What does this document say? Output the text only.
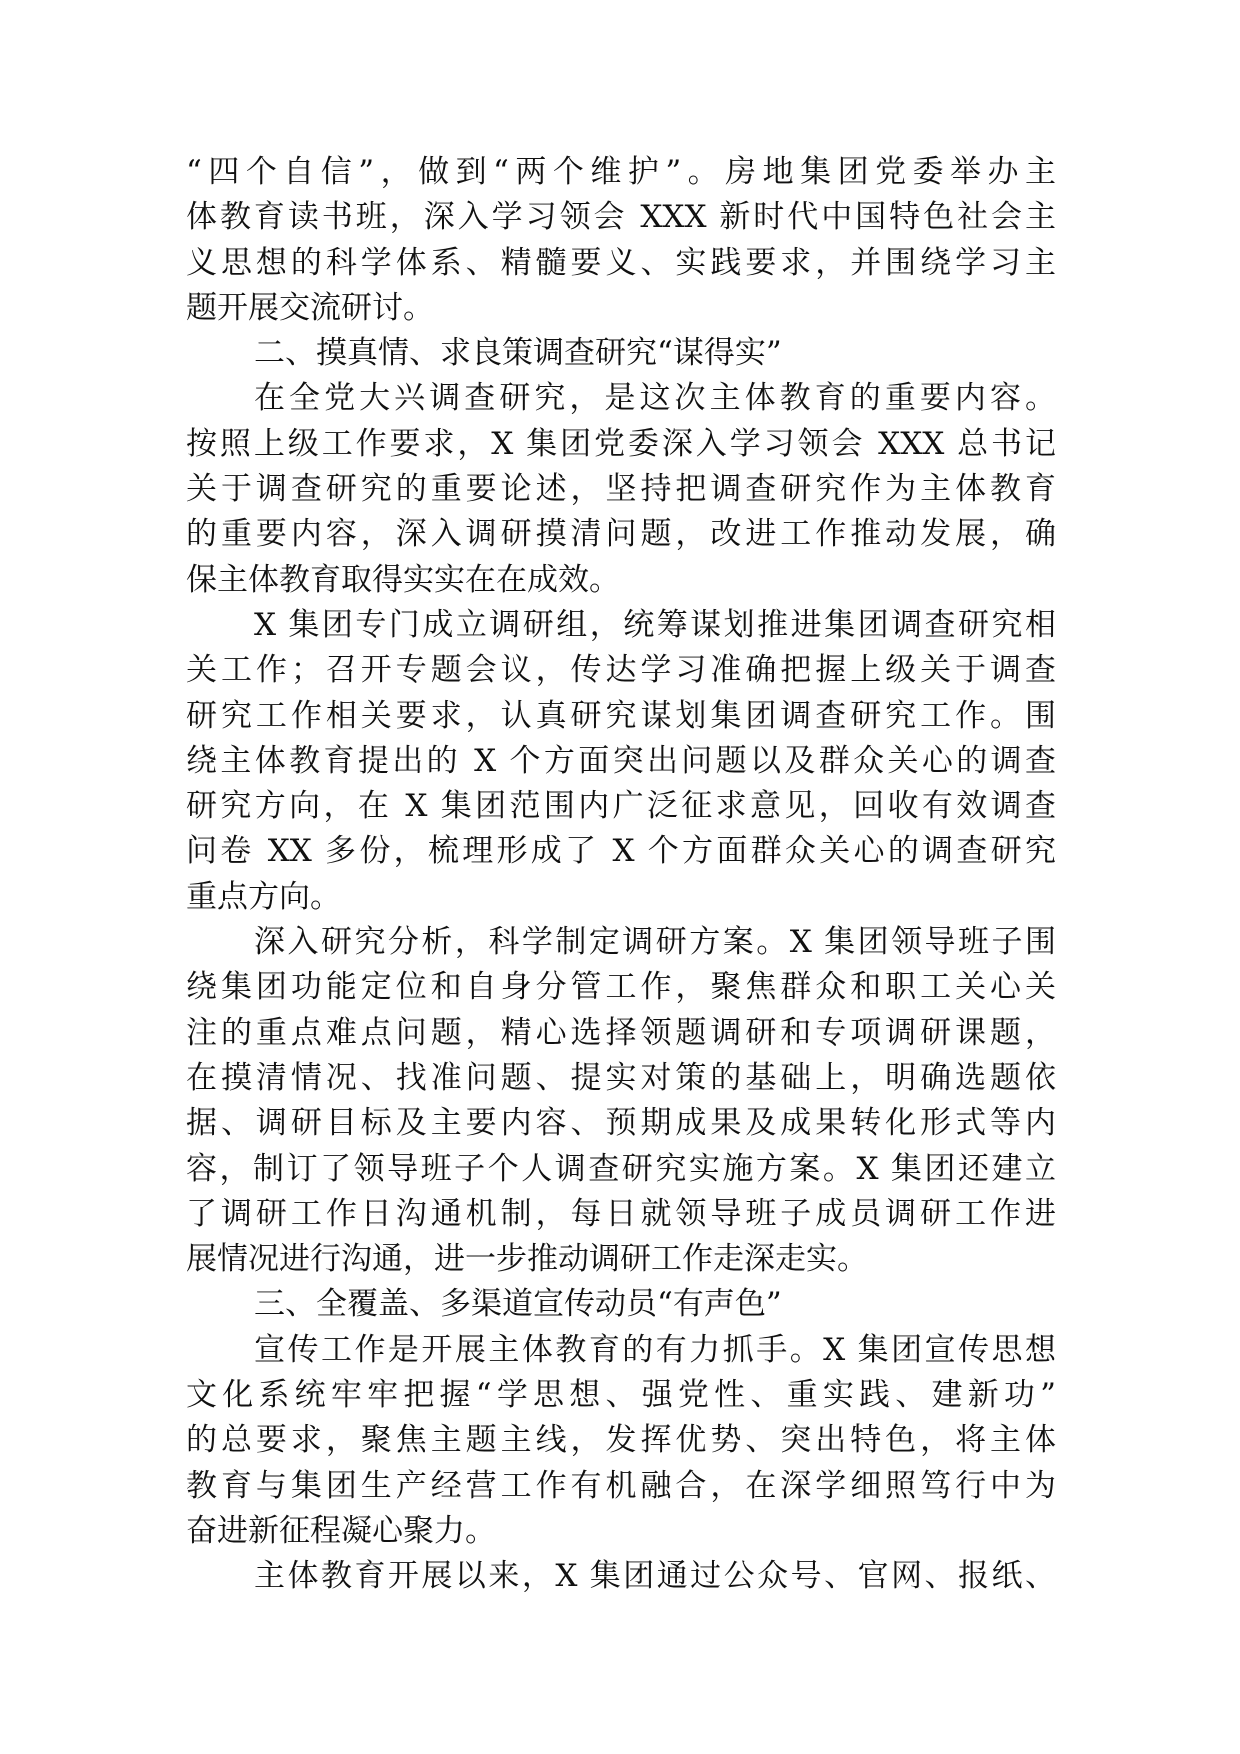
“四个自信”，做到“两个维护”。房地集团党委举办主
体教育读书班，深入学习领会 XXX 新时代中国特色社会主
义思想的科学体系、精髓要义、实践要求，并围绕学习主
题开展交流研讨。
二、摸真情、求良策调查研究“谋得实”
在全党大兴调查研究，是这次主体教育的重要内容。
按照上级工作要求，X 集团党委深入学习领会 XXX 总书记
关于调查研究的重要论述，坚持把调查研究作为主体教育
的重要内容，深入调研摸清问题，改进工作推动发展，确
保主体教育取得实实在在成效。
X 集团专门成立调研组，统筹谋划推进集团调查研究相
关工作；召开专题会议，传达学习准确把握上级关于调查
研究工作相关要求，认真研究谋划集团调查研究工作。围
绕主体教育提出的 X 个方面突出问题以及群众关心的调查
研究方向，在 X 集团范围内广泛征求意见，回收有效调查
问卷 XX 多份，梳理形成了 X 个方面群众关心的调查研究
重点方向。
深入研究分析，科学制定调研方案。X 集团领导班子围
绕集团功能定位和自身分管工作，聚焦群众和职工关心关
注的重点难点问题，精心选择领题调研和专项调研课题，
在摸清情况、找准问题、提实对策的基础上，明确选题依
据、调研目标及主要内容、预期成果及成果转化形式等内
容，制订了领导班子个人调查研究实施方案。X 集团还建立
了调研工作日沟通机制，每日就领导班子成员调研工作进
展情况进行沟通，进一步推动调研工作走深走实。
三、全覆盖、多渠道宣传动员“有声色”
宣传工作是开展主体教育的有力抓手。X 集团宣传思想
文化系统牢牢把握“学思想、强党性、重实践、建新功”
的总要求，聚焦主题主线，发挥优势、突出特色，将主体
教育与集团生产经营工作有机融合，在深学细照笃行中为
奋进新征程凝心聚力。
主体教育开展以来，X 集团通过公众号、官网、报纸、
